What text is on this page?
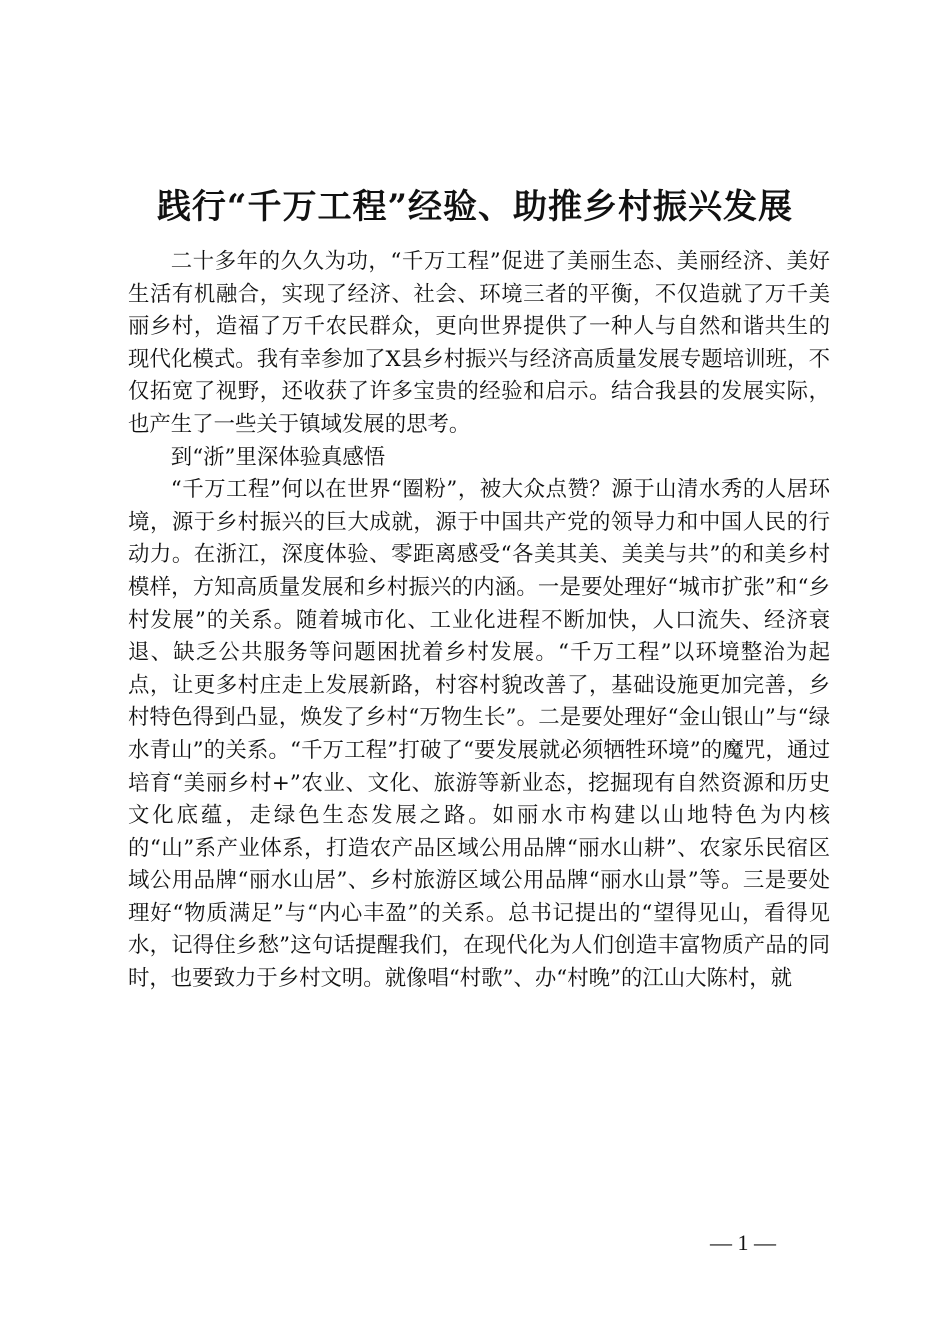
践行“千万工程”经验、助推乡村振兴发展

二十多年的久久为功，“千万工程”促进了美丽生态、美丽经济、美好生活有机融合，实现了经济、社会、环境三者的平衡，不仅造就了万千美丽乡村，造福了万千农民群众，更向世界提供了一种人与自然和谐共生的现代化模式。我有幸参加了X县乡村振兴与经济高质量发展专题培训班，不仅拓宽了视野，还收获了许多宝贵的经验和启示。结合我县的发展实际，也产生了一些关于镇域发展的思考。

到“浙”里深体验真感悟

“千万工程”何以在世界“圈粉”，被大众点赞？源于山清水秀的人居环境，源于乡村振兴的巨大成就，源于中国共产党的领导力和中国人民的行动力。在浙江，深度体验、零距离感受“各美其美、美美与共”的和美乡村模样，方知高质量发展和乡村振兴的内涵。一是要处理好“城市扩张”和“乡村发展”的关系。随着城市化、工业化进程不断加快，人口流失、经济衰退、缺乏公共服务等问题困扰着乡村发展。“千万工程”以环境整治为起点，让更多村庄走上发展新路，村容村貌改善了，基础设施更加完善，乡村特色得到凸显，焕发了乡村“万物生长”。二是要处理好“金山银山”与“绿水青山”的关系。“千万工程”打破了“要发展就必须牺牲环境”的魔咒，通过培育“美丽乡村+”农业、文化、旅游等新业态，挖掘现有自然资源和历史文化底蕴，走绿色生态发展之路。如丽水市构建以山地特色为内核的“山”系产业体系，打造农产品区域公用品牌“丽水山耕”、农家乐民宿区域公用品牌“丽水山居”、乡村旅游区域公用品牌“丽水山景”等。三是要处理好“物质满足”与“内心丰盈”的关系。总书记提出的“望得见山，看得见水，记得住乡愁”这句话提醒我们，在现代化为人们创造丰富物质产品的同时，也要致力于乡村文明。就像唱“村歌”、办“村晚”的江山大陈村，就

— 1 —
